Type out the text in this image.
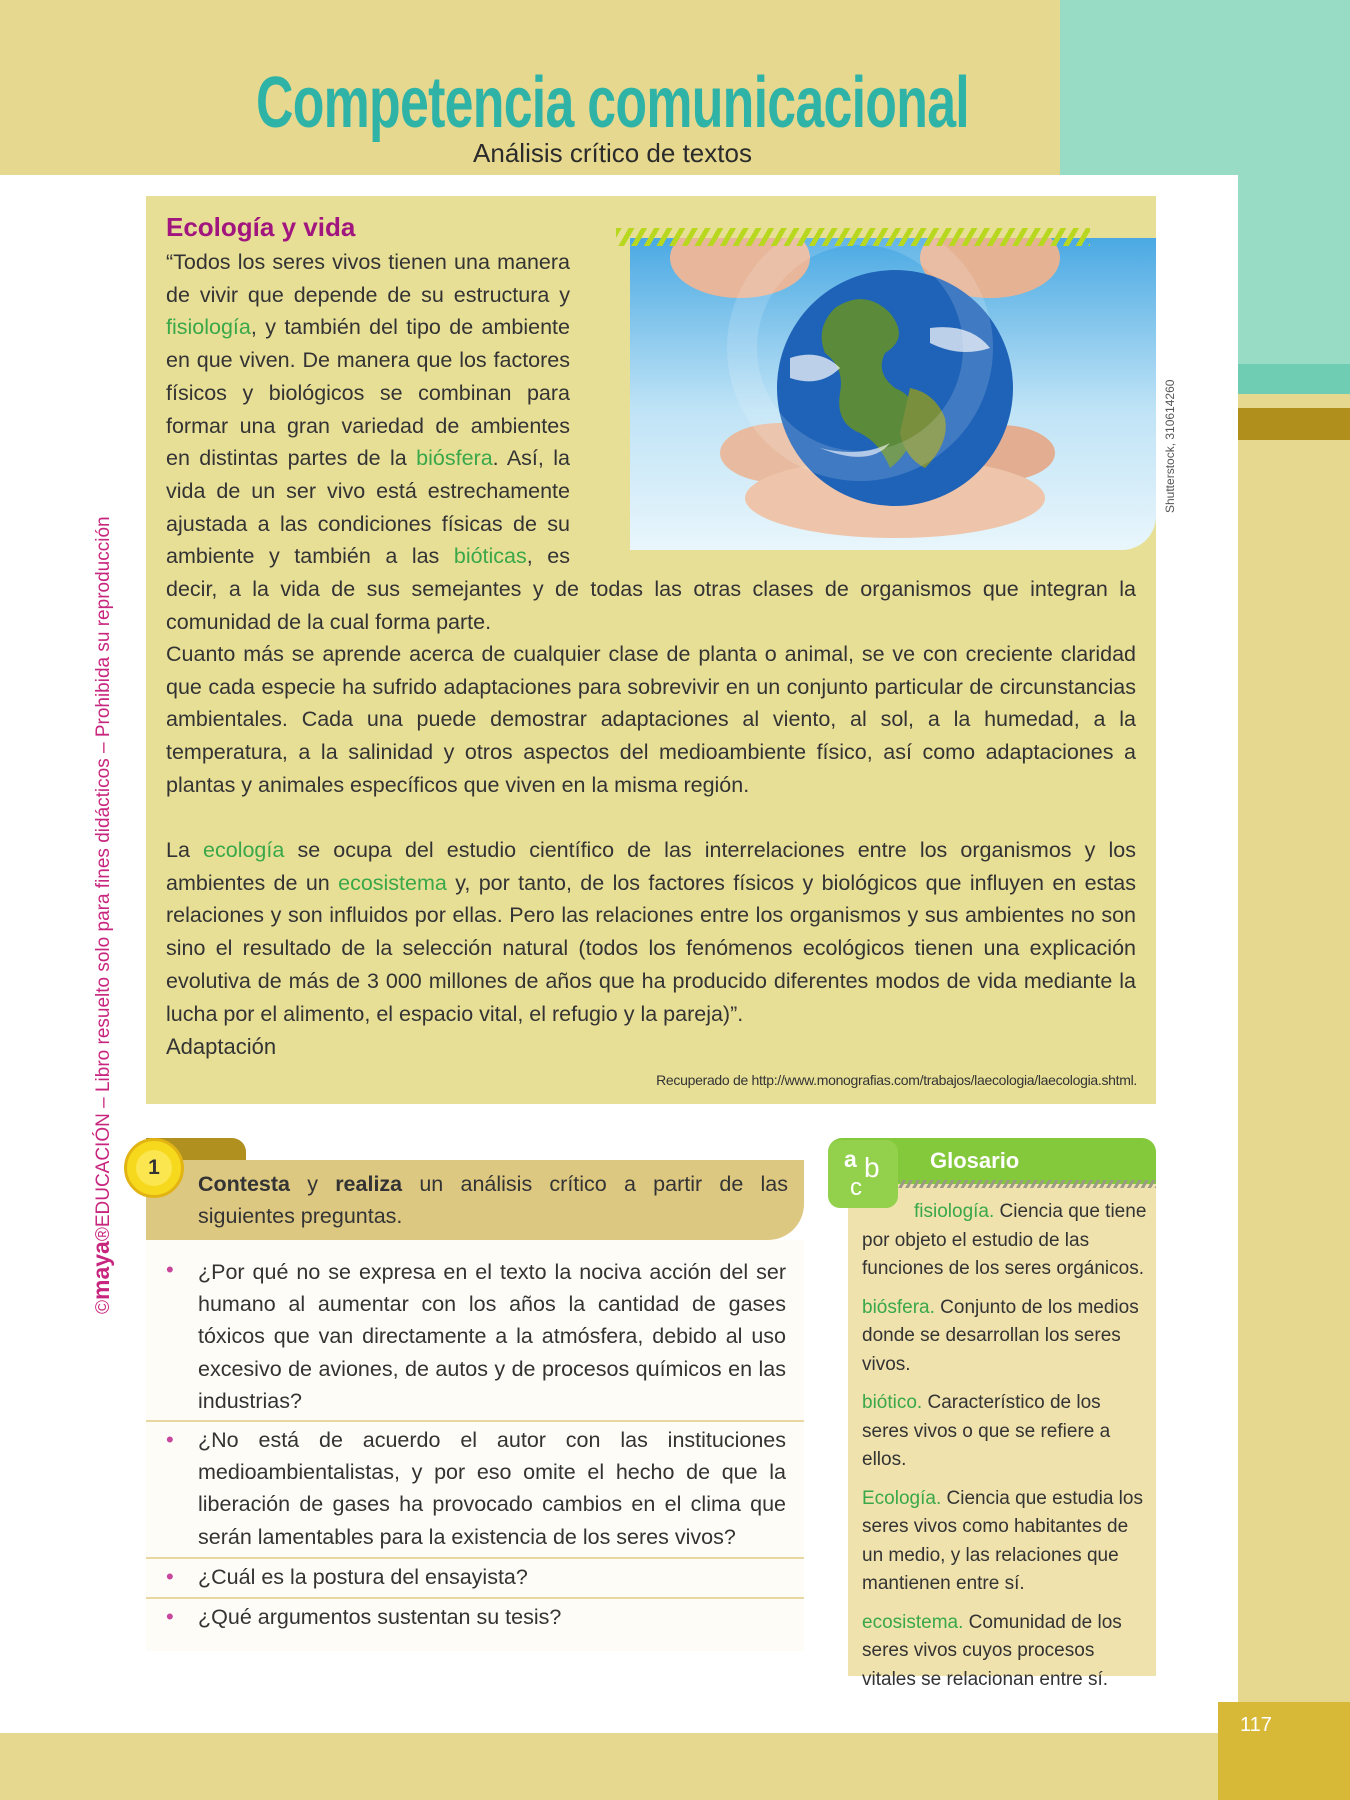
117
Competencia comunicacional
Análisis crítico de textos
©maya®EDUCACIÓN – Libro resuelto solo para fines didácticos – Prohibida su reproducción
Shutterstock, 310614260
Ecología y vida
“Todos los seres vivos tienen una manera de vivir que depende de su estructura y fisiología, y también del tipo de ambiente en que viven. De manera que los factores físicos y biológicos se combinan para formar una gran variedad de ambientes en distintas partes de la biósfera. Así, la vida de un ser vivo está estrechamente ajustada a las condiciones físicas de su ambiente y también a las bióticas, es decir, a la vida de sus semejantes y de todas las otras clases de organismos que integran la comunidad de la cual forma parte.
Cuanto más se aprende acerca de cualquier clase de planta o animal, se ve con creciente claridad que cada especie ha sufrido adaptaciones para sobrevivir en un conjunto particular de circunstancias ambientales. Cada una puede demostrar adaptaciones al viento, al sol, a la humedad, a la temperatura, a la salinidad y otros aspectos del medioambiente físico, así como adaptaciones a plantas y animales específicos que viven en la misma región.
La ecología se ocupa del estudio científico de las interrelaciones entre los organismos y los ambientes de un ecosistema y, por tanto, de los factores físicos y biológicos que influyen en estas relaciones y son influidos por ellas. Pero las relaciones entre los organismos y sus ambientes no son sino el resultado de la selección natural (todos los fenómenos ecológicos tienen una explicación evolutiva de más de 3 000 millones de años que ha producido diferentes modos de vida mediante la lucha por el alimento, el espacio vital, el refugio y la pareja)”.
Adaptación
Recuperado de http://www.monografias.com/trabajos/laecologia/laecologia.shtml.
1
Contesta y realiza un análisis crítico a partir de las siguientes preguntas.
• ¿Por qué no se expresa en el texto la nociva acción del ser humano al aumentar con los años la cantidad de gases tóxicos que van directamente a la atmósfera, debido al uso excesivo de aviones, de autos y de procesos químicos en las industrias?
• ¿No está de acuerdo el autor con las instituciones medioambientalistas, y por eso omite el hecho de que la liberación de gases ha provocado cambios en el clima que serán lamentables para la existencia de los seres vivos?
• ¿Cuál es la postura del ensayista?
• ¿Qué argumentos sustentan su tesis?
a b
c
Glosario
fisiología. Ciencia que tiene por objeto el estudio de las funciones de los seres orgánicos.
biósfera. Conjunto de los medios donde se desarrollan los seres vivos.
biótico. Característico de los seres vivos o que se refiere a ellos.
Ecología. Ciencia que estudia los seres vivos como habitantes de un medio, y las relaciones que mantienen entre sí.
ecosistema. Comunidad de los seres vivos cuyos procesos vitales se relacionan entre sí.
